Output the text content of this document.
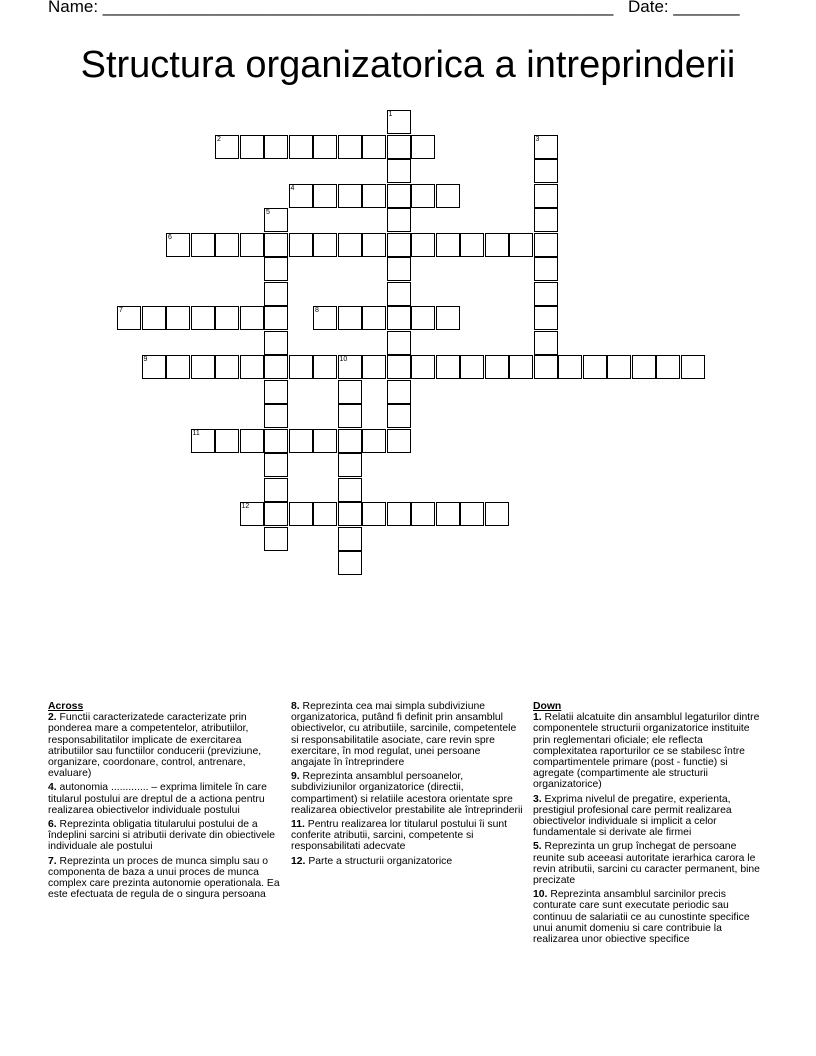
Name: ______________________________________________________ Date: _______
Structura organizatorica a intreprinderii
1
2	3
4
5
6
7	8
9	10
11
12
Across
2. Functii caracterizatede caracterizate prin ponderea mare a competentelor, atributiilor, responsabilitatilor implicate de exercitarea atributiilor sau functiilor conducerii (previziune, organizare, coordonare, control, antrenare, evaluare)
4. autonomia ............. – exprima limitele în care titularul postului are dreptul de a actiona pentru realizarea obiectivelor individuale postului
6. Reprezinta obligatia titularului postului de a îndeplini sarcini si atributii derivate din obiectivele individuale ale postului
7. Reprezinta un proces de munca simplu sau o componenta de baza a unui proces de munca complex care prezinta autonomie operationala. Ea este efectuata de regula de o singura persoana
8. Reprezinta cea mai simpla subdiviziune organizatorica, putând fi definit prin ansamblul obiectivelor, cu atributiile, sarcinile, competentele si responsabilitatile asociate, care revin spre exercitare, în mod regulat, unei persoane angajate în întreprindere
9. Reprezinta ansamblul persoanelor, subdiviziunilor organizatorice (directii, compartiment) si relatiile acestora orientate spre realizarea obiectivelor prestabilite ale întreprinderii
11. Pentru realizarea lor titularul postului îi sunt conferite atributii, sarcini, competente si responsabilitati adecvate
12. Parte a structurii organizatorice
Down
1. Relatii alcatuite din ansamblul legaturilor dintre componentele structurii organizatorice instituite prin reglementari oficiale; ele reflecta complexitatea raporturilor ce se stabilesc între compartimentele primare (post - functie) si agregate (compartimente ale structurii organizatorice)
3. Exprima nivelul de pregatire, experienta, prestigiul profesional care permit realizarea obiectivelor individuale si implicit a celor fundamentale si derivate ale firmei
5. Reprezinta un grup închegat de persoane reunite sub aceeasi autoritate ierarhica carora le revin atributii, sarcini cu caracter permanent, bine precizate
10. Reprezinta ansamblul sarcinilor precis conturate care sunt executate periodic sau continuu de salariatii ce au cunostinte specifice unui anumit domeniu si care contribuie la realizarea unor obiective specifice
